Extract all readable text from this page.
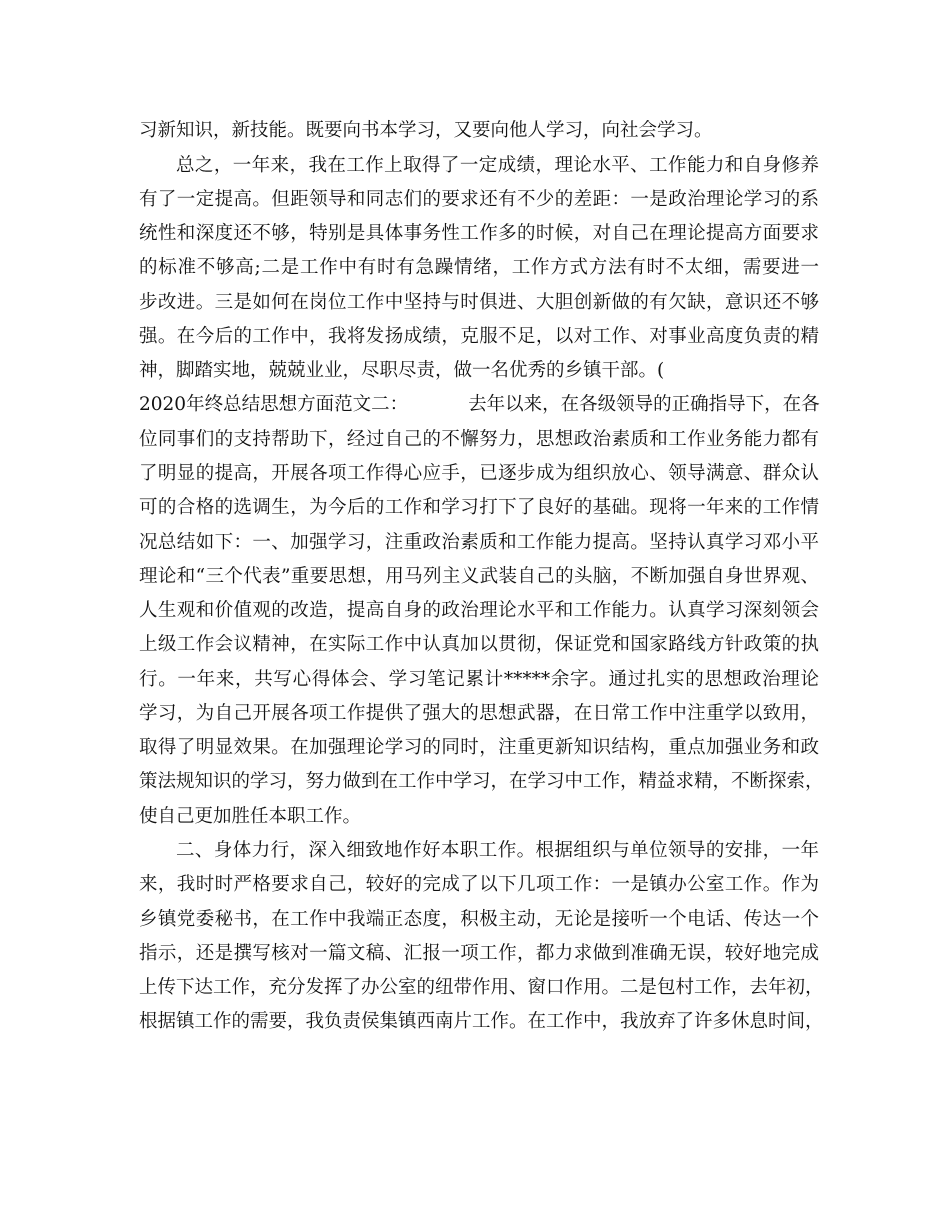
习新知识，新技能。既要向书本学习，又要向他人学习，向社会学习。
总之，一年来，我在工作上取得了一定成绩，理论水平、工作能力和自身修养
有了一定提高。但距领导和同志们的要求还有不少的差距：一是政治理论学习的系
统性和深度还不够，特别是具体事务性工作多的时候，对自己在理论提高方面要求
的标准不够高;二是工作中有时有急躁情绪，工作方式方法有时不太细，需要进一
步改进。三是如何在岗位工作中坚持与时俱进、大胆创新做的有欠缺，意识还不够
强。在今后的工作中，我将发扬成绩，克服不足，以对工作、对事业高度负责的精
神，脚踏实地，兢兢业业，尽职尽责，做一名优秀的乡镇干部。(
2020年终总结思想方面范文二：	去年以来，在各级领导的正确指导下，在各
位同事们的支持帮助下，经过自己的不懈努力，思想政治素质和工作业务能力都有
了明显的提高，开展各项工作得心应手，已逐步成为组织放心、领导满意、群众认
可的合格的选调生，为今后的工作和学习打下了良好的基础。现将一年来的工作情
况总结如下：一、加强学习，注重政治素质和工作能力提高。坚持认真学习邓小平
理论和“三个代表”重要思想，用马列主义武装自己的头脑，不断加强自身世界观、
人生观和价值观的改造，提高自身的政治理论水平和工作能力。认真学习深刻领会
上级工作会议精神，在实际工作中认真加以贯彻，保证党和国家路线方针政策的执
行。一年来，共写心得体会、学习笔记累计*****余字。通过扎实的思想政治理论
学习，为自己开展各项工作提供了强大的思想武器，在日常工作中注重学以致用，
取得了明显效果。在加强理论学习的同时，注重更新知识结构，重点加强业务和政
策法规知识的学习，努力做到在工作中学习，在学习中工作，精益求精，不断探索，
使自己更加胜任本职工作。
二、身体力行，深入细致地作好本职工作。根据组织与单位领导的安排，一年
来，我时时严格要求自己，较好的完成了以下几项工作：一是镇办公室工作。作为
乡镇党委秘书，在工作中我端正态度，积极主动，无论是接听一个电话、传达一个
指示，还是撰写核对一篇文稿、汇报一项工作，都力求做到准确无误，较好地完成
上传下达工作，充分发挥了办公室的纽带作用、窗口作用。二是包村工作，去年初，
根据镇工作的需要，我负责侯集镇西南片工作。在工作中，我放弃了许多休息时间，
